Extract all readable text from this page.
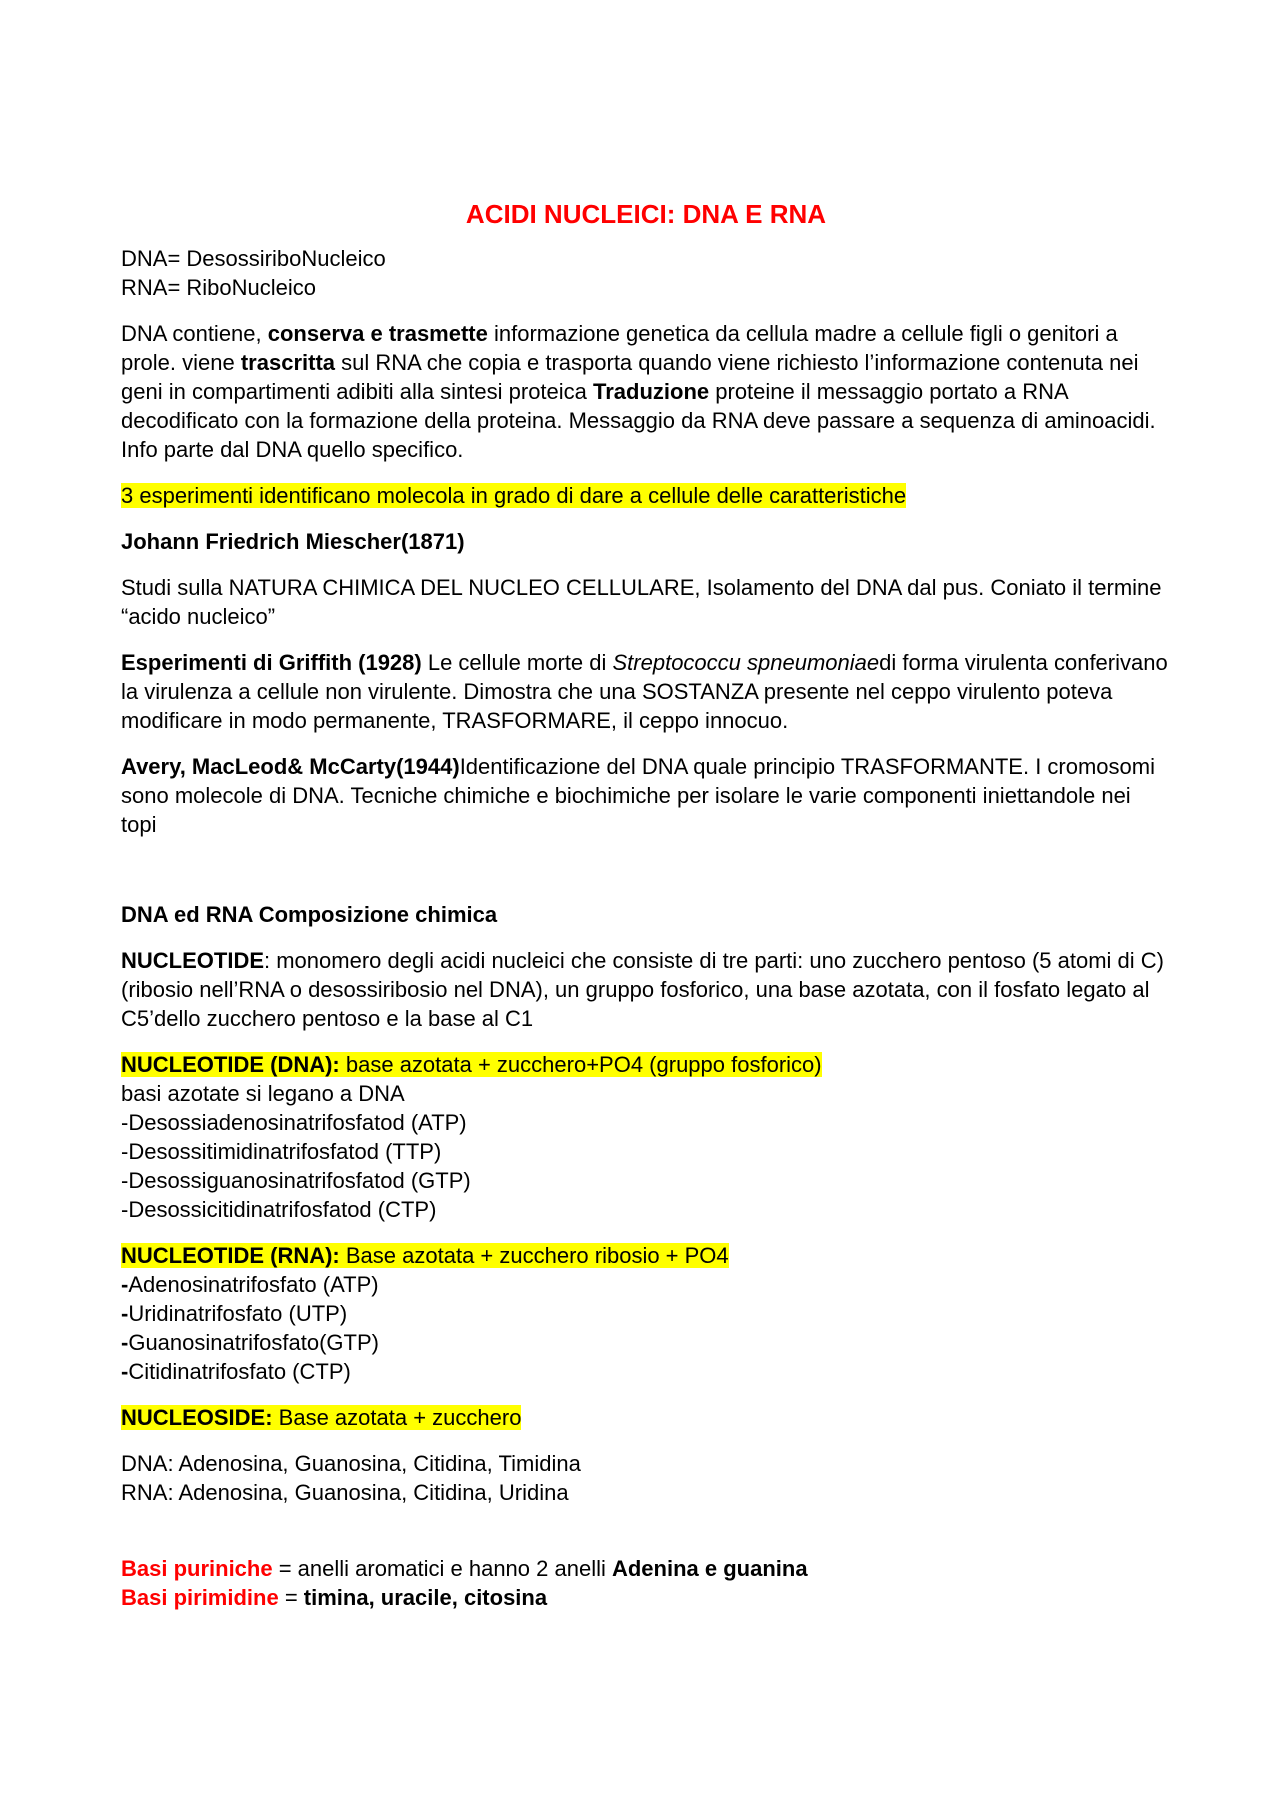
ACIDI NUCLEICI: DNA E RNA

DNA= DesossiriboNucleico
RNA= RiboNucleico

DNA contiene, conserva e trasmette informazione genetica da cellula madre a cellule figli o genitori a prole. viene trascritta sul RNA che copia e trasporta quando viene richiesto l’informazione contenuta nei geni in compartimenti adibiti alla sintesi proteica Traduzione proteine il messaggio portato a RNA decodificato con la formazione della proteina. Messaggio da RNA deve passare a sequenza di aminoacidi. Info parte dal DNA quello specifico.

3 esperimenti identificano molecola in grado di dare a cellule delle caratteristiche

Johann Friedrich Miescher(1871)

Studi sulla NATURA CHIMICA DEL NUCLEO CELLULARE, Isolamento del DNA dal pus. Coniato il termine “acido nucleico”

Esperimenti di Griffith (1928) Le cellule morte di Streptococcu spneumoniaedi forma virulenta conferivano la virulenza a cellule non virulente. Dimostra che una SOSTANZA presente nel ceppo virulento poteva modificare in modo permanente, TRASFORMARE, il ceppo innocuo.

Avery, MacLeod& McCarty(1944)Identificazione del DNA quale principio TRASFORMANTE. I cromosomi sono molecole di DNA. Tecniche chimiche e biochimiche per isolare le varie componenti iniettandole nei topi

DNA ed RNA Composizione chimica

NUCLEOTIDE: monomero degli acidi nucleici che consiste di tre parti: uno zucchero pentoso (5 atomi di C) (ribosio nell’RNA o desossiribosio nel DNA), un gruppo fosforico, una base azotata, con il fosfato legato al C5’dello zucchero pentoso e la base al C1

NUCLEOTIDE (DNA): base azotata + zucchero+PO4 (gruppo fosforico)
basi azotate si legano a DNA
-Desossiadenosinatrifosfatod (ATP)
-Desossitimidinatrifosfatod (TTP)
-Desossiguanosinatrifosfatod (GTP)
-Desossicitidinatrifosfatod (CTP)

NUCLEOTIDE (RNA): Base azotata + zucchero ribosio + PO4
-Adenosinatrifosfato (ATP)
-Uridinatrifosfato (UTP)
-Guanosinatrifosfato(GTP)
-Citidinatrifosfato (CTP)

NUCLEOSIDE: Base azotata + zucchero

DNA: Adenosina, Guanosina, Citidina, Timidina
RNA: Adenosina, Guanosina, Citidina, Uridina

Basi puriniche = anelli aromatici e hanno 2 anelli Adenina e guanina
Basi pirimidine = timina, uracile, citosina
